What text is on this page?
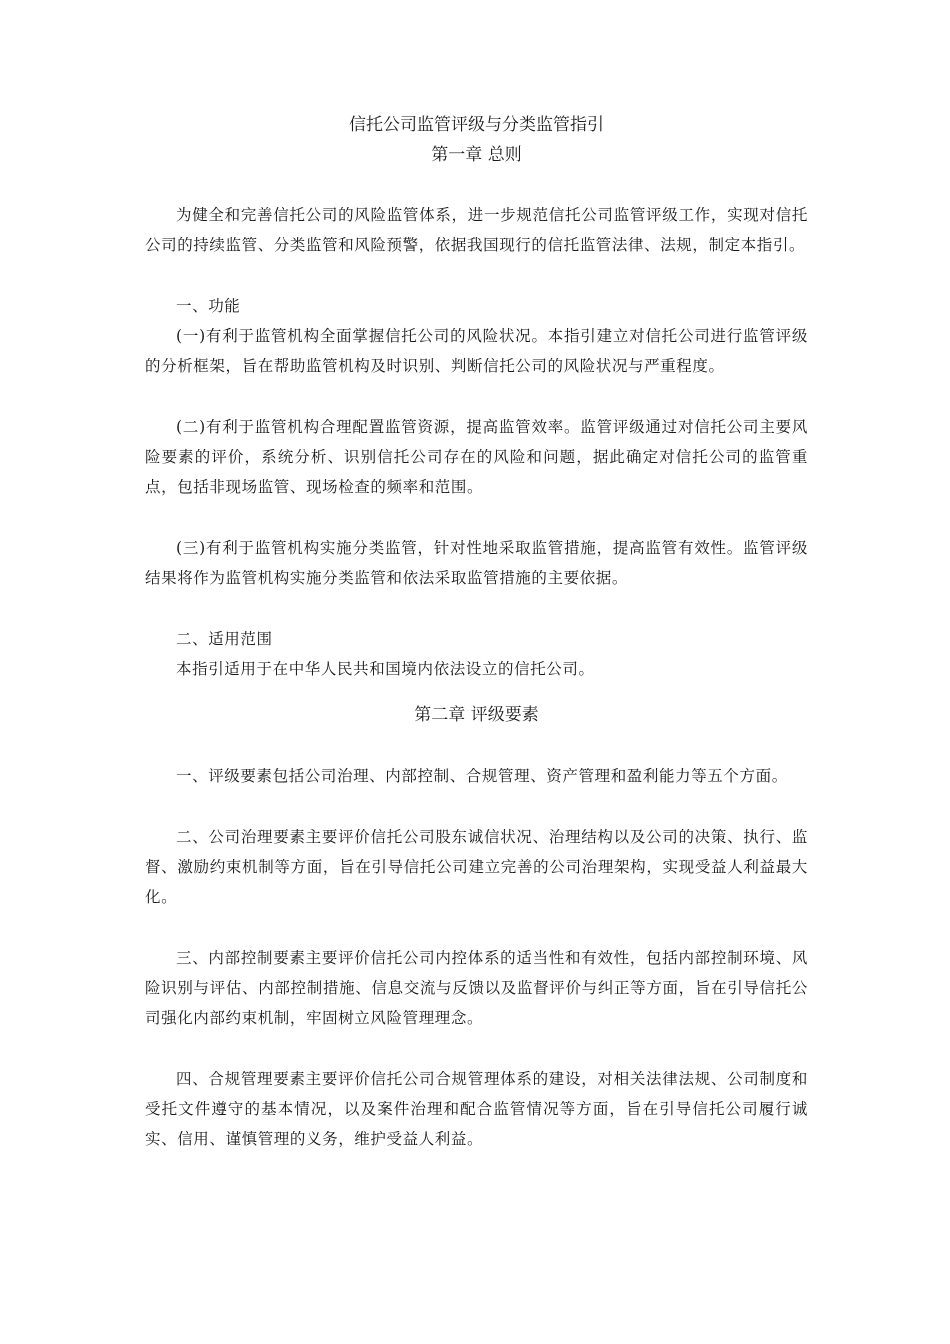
信托公司监管评级与分类监管指引
第一章 总则

为健全和完善信托公司的风险监管体系，进一步规范信托公司监管评级工作，实现对信托公司的持续监管、分类监管和风险预警，依据我国现行的信托监管法律、法规，制定本指引。

一、功能

(一)有利于监管机构全面掌握信托公司的风险状况。本指引建立对信托公司进行监管评级的分析框架，旨在帮助监管机构及时识别、判断信托公司的风险状况与严重程度。

(二)有利于监管机构合理配置监管资源，提高监管效率。监管评级通过对信托公司主要风险要素的评价，系统分析、识别信托公司存在的风险和问题，据此确定对信托公司的监管重点，包括非现场监管、现场检查的频率和范围。

(三)有利于监管机构实施分类监管，针对性地采取监管措施，提高监管有效性。监管评级结果将作为监管机构实施分类监管和依法采取监管措施的主要依据。

二、适用范围

本指引适用于在中华人民共和国境内依法设立的信托公司。

第二章 评级要素

一、评级要素包括公司治理、内部控制、合规管理、资产管理和盈利能力等五个方面。

二、公司治理要素主要评价信托公司股东诚信状况、治理结构以及公司的决策、执行、监督、激励约束机制等方面，旨在引导信托公司建立完善的公司治理架构，实现受益人利益最大化。

三、内部控制要素主要评价信托公司内控体系的适当性和有效性，包括内部控制环境、风险识别与评估、内部控制措施、信息交流与反馈以及监督评价与纠正等方面，旨在引导信托公司强化内部约束机制，牢固树立风险管理理念。

四、合规管理要素主要评价信托公司合规管理体系的建设，对相关法律法规、公司制度和受托文件遵守的基本情况，以及案件治理和配合监管情况等方面，旨在引导信托公司履行诚实、信用、谨慎管理的义务，维护受益人利益。
